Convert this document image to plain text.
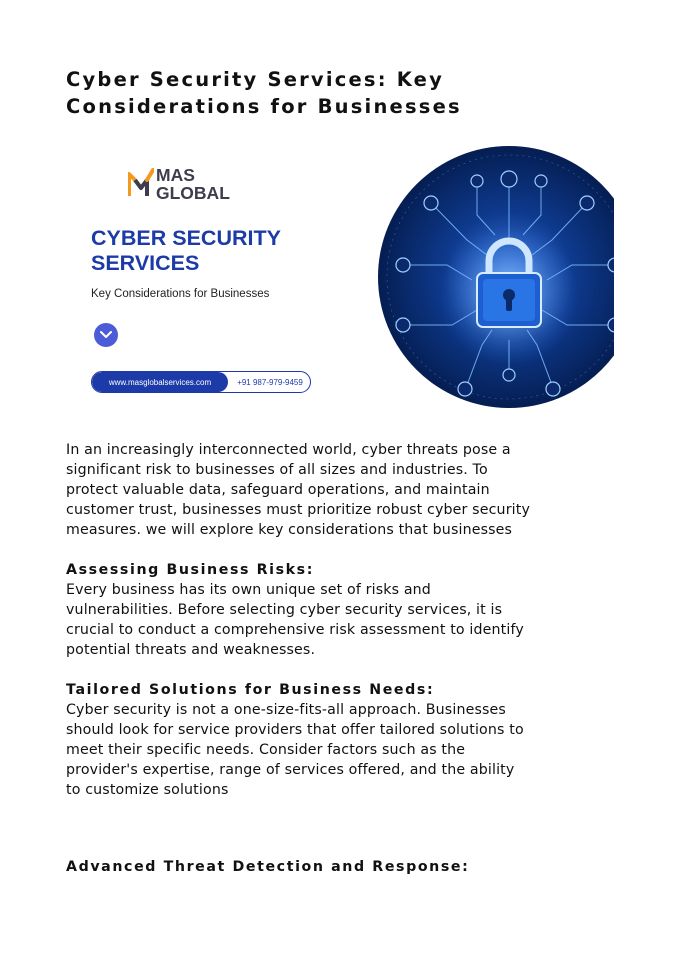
Cyber Security Services: Key
Considerations for Businesses
MAS
GLOBAL
CYBER SECURITY
SERVICES
Key Considerations for Businesses
www.masglobalservices.com	+91 987-979-9459

In an increasingly interconnected world, cyber threats pose a
significant risk to businesses of all sizes and industries. To
protect valuable data, safeguard operations, and maintain
customer trust, businesses must prioritize robust cyber security
measures. we will explore key considerations that businesses

Assessing Business Risks:

Every business has its own unique set of risks and
vulnerabilities. Before selecting cyber security services, it is
crucial to conduct a comprehensive risk assessment to identify
potential threats and weaknesses.

Tailored Solutions for Business Needs:

Cyber security is not a one-size-fits-all approach. Businesses
should look for service providers that offer tailored solutions to
meet their specific needs. Consider factors such as the
provider's expertise, range of services offered, and the ability
to customize solutions

Advanced Threat Detection and Response:
